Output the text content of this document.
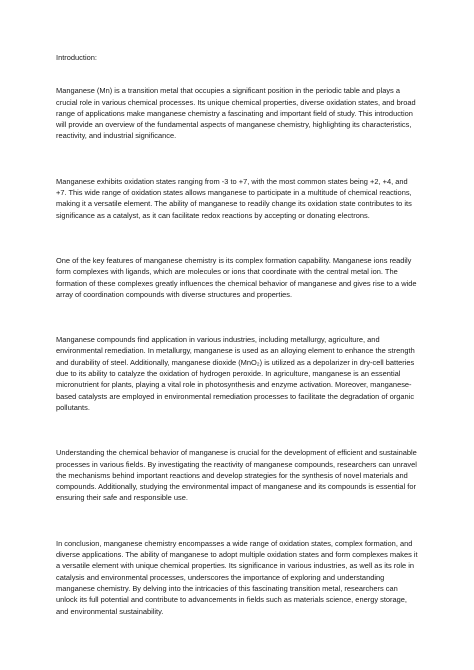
Introduction:

Manganese (Mn) is a transition metal that occupies a significant position in the periodic table and plays a crucial role in various chemical processes. Its unique chemical properties, diverse oxidation states, and broad range of applications make manganese chemistry a fascinating and important field of study. This introduction will provide an overview of the fundamental aspects of manganese chemistry, highlighting its characteristics, reactivity, and industrial significance.

Manganese exhibits oxidation states ranging from -3 to +7, with the most common states being +2, +4, and +7. This wide range of oxidation states allows manganese to participate in a multitude of chemical reactions, making it a versatile element. The ability of manganese to readily change its oxidation state contributes to its significance as a catalyst, as it can facilitate redox reactions by accepting or donating electrons.

One of the key features of manganese chemistry is its complex formation capability. Manganese ions readily form complexes with ligands, which are molecules or ions that coordinate with the central metal ion. The formation of these complexes greatly influences the chemical behavior of manganese and gives rise to a wide array of coordination compounds with diverse structures and properties.

Manganese compounds find application in various industries, including metallurgy, agriculture, and environmental remediation. In metallurgy, manganese is used as an alloying element to enhance the strength and durability of steel. Additionally, manganese dioxide (MnO₂) is utilized as a depolarizer in dry-cell batteries due to its ability to catalyze the oxidation of hydrogen peroxide. In agriculture, manganese is an essential micronutrient for plants, playing a vital role in photosynthesis and enzyme activation. Moreover, manganese-based catalysts are employed in environmental remediation processes to facilitate the degradation of organic pollutants.

Understanding the chemical behavior of manganese is crucial for the development of efficient and sustainable processes in various fields. By investigating the reactivity of manganese compounds, researchers can unravel the mechanisms behind important reactions and develop strategies for the synthesis of novel materials and compounds. Additionally, studying the environmental impact of manganese and its compounds is essential for ensuring their safe and responsible use.

In conclusion, manganese chemistry encompasses a wide range of oxidation states, complex formation, and diverse applications. The ability of manganese to adopt multiple oxidation states and form complexes makes it a versatile element with unique chemical properties. Its significance in various industries, as well as its role in catalysis and environmental processes, underscores the importance of exploring and understanding manganese chemistry. By delving into the intricacies of this fascinating transition metal, researchers can unlock its full potential and contribute to advancements in fields such as materials science, energy storage, and environmental sustainability.
